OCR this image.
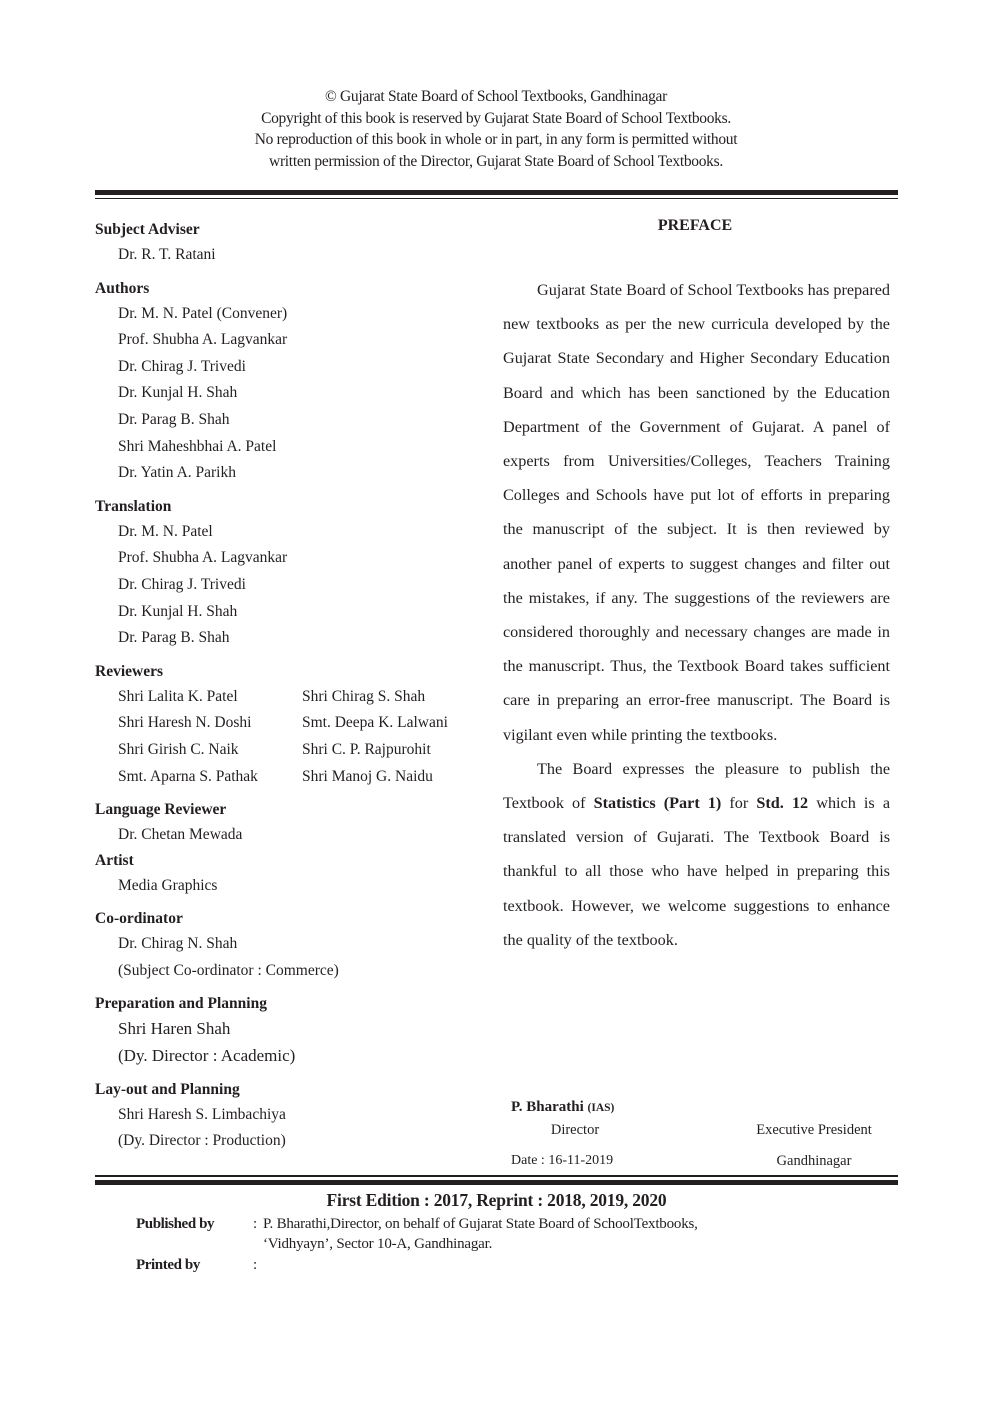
© Gujarat State Board of School Textbooks, Gandhinagar
Copyright of this book is reserved by Gujarat State Board of School Textbooks.
No reproduction of this book in whole or in part, in any form is permitted without
written permission of the Director, Gujarat State Board of School Textbooks.
Subject Adviser
Dr. R. T. Ratani
Authors
Dr. M. N. Patel (Convener)
Prof. Shubha A. Lagvankar
Dr. Chirag J. Trivedi
Dr. Kunjal H. Shah
Dr. Parag B. Shah
Shri Maheshbhai A. Patel
Dr. Yatin A. Parikh
Translation
Dr. M. N. Patel
Prof. Shubha A. Lagvankar
Dr. Chirag J. Trivedi
Dr. Kunjal H. Shah
Dr. Parag B. Shah
Reviewers
Shri Lalita K. Patel	Shri Chirag S. Shah
Shri Haresh N. Doshi	Smt. Deepa K. Lalwani
Shri Girish C. Naik	Shri C. P. Rajpurohit
Smt. Aparna S. Pathak	Shri Manoj G. Naidu
Language Reviewer
Dr. Chetan Mewada
Artist
Media Graphics
Co-ordinator
Dr. Chirag N. Shah
(Subject Co-ordinator : Commerce)
Preparation and Planning
Shri Haren Shah
(Dy. Director : Academic)
Lay-out and Planning
Shri Haresh S. Limbachiya
(Dy. Director : Production)
PREFACE

Gujarat State Board of School Textbooks has prepared new textbooks as per the new curricula developed by the Gujarat State Secondary and Higher Secondary Education Board and which has been sanctioned by the Education Department of the Government of Gujarat. A panel of experts from Universities/Colleges, Teachers Training Colleges and Schools have put lot of efforts in preparing the manuscript of the subject. It is then reviewed by another panel of experts to suggest changes and filter out the mistakes, if any. The suggestions of the reviewers are considered thoroughly and necessary changes are made in the manuscript. Thus, the Textbook Board takes sufficient care in preparing an error-free manuscript. The Board is vigilant even while printing the textbooks.

The Board expresses the pleasure to publish the Textbook of Statistics (Part 1) for Std. 12 which is a translated version of Gujarati. The Textbook Board is thankful to all those who have helped in preparing this textbook. However, we welcome suggestions to enhance the quality of the textbook.

P. Bharathi (IAS)
Director
Date : 16-11-2019
Executive President
Gandhinagar
First Edition : 2017, Reprint : 2018, 2019, 2020
Published by	: P. Bharathi,Director, on behalf of Gujarat State Board of SchoolTextbooks,
‘Vidhyayn’, Sector 10-A, Gandhinagar.
Printed by	:
